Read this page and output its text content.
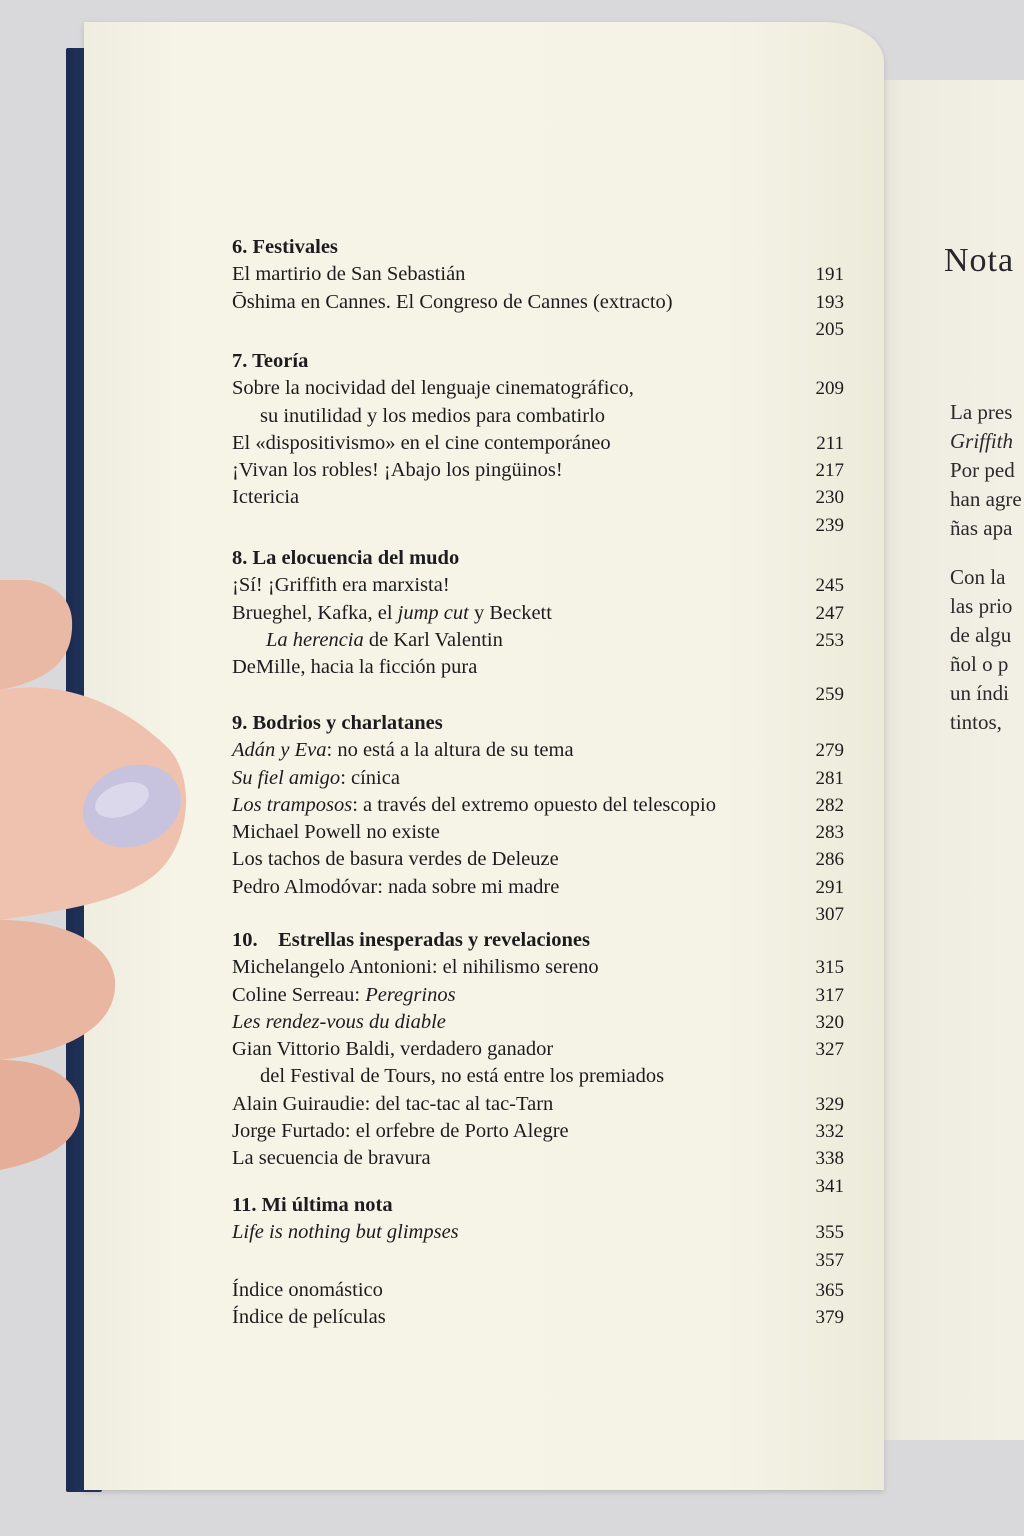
Nota
La pres
Griffith
Por ped
han agre
ñas apa
Con la
las prio
de algu
ñol o p
un índi
tintos,
6. Festivales
El martirio de San Sebastián	191
Ōshima en Cannes. El Congreso de Cannes (extracto)	193
205
7. Teoría
Sobre la nocividad del lenguaje cinematográfico,	209
su inutilidad y los medios para combatirlo
El «dispositivismo» en el cine contemporáneo	211
¡Vivan los robles! ¡Abajo los pingüinos!	217
Ictericia	230
239
8. La elocuencia del mudo
¡Sí! ¡Griffith era marxista!	245
Brueghel, Kafka, el jump cut y Beckett	247
La herencia de Karl Valentin	253
DeMille, hacia la ficción pura
259
9. Bodrios y charlatanes
Adán y Eva: no está a la altura de su tema	279
Su fiel amigo: cínica	281
Los tramposos: a través del extremo opuesto del telescopio	282
Michael Powell no existe	283
Los tachos de basura verdes de Deleuze	286
Pedro Almodóvar: nada sobre mi madre	291
307
10.    Estrellas inesperadas y revelaciones
Michelangelo Antonioni: el nihilismo sereno	315
Coline Serreau: Peregrinos	317
Les rendez-vous du diable	320
Gian Vittorio Baldi, verdadero ganador	327
del Festival de Tours, no está entre los premiados
Alain Guiraudie: del tac-tac al tac-Tarn	329
Jorge Furtado: el orfebre de Porto Alegre	332
La secuencia de bravura	338
341
11. Mi última nota
Life is nothing but glimpses	355
357
Índice onomástico	365
Índice de películas	379
